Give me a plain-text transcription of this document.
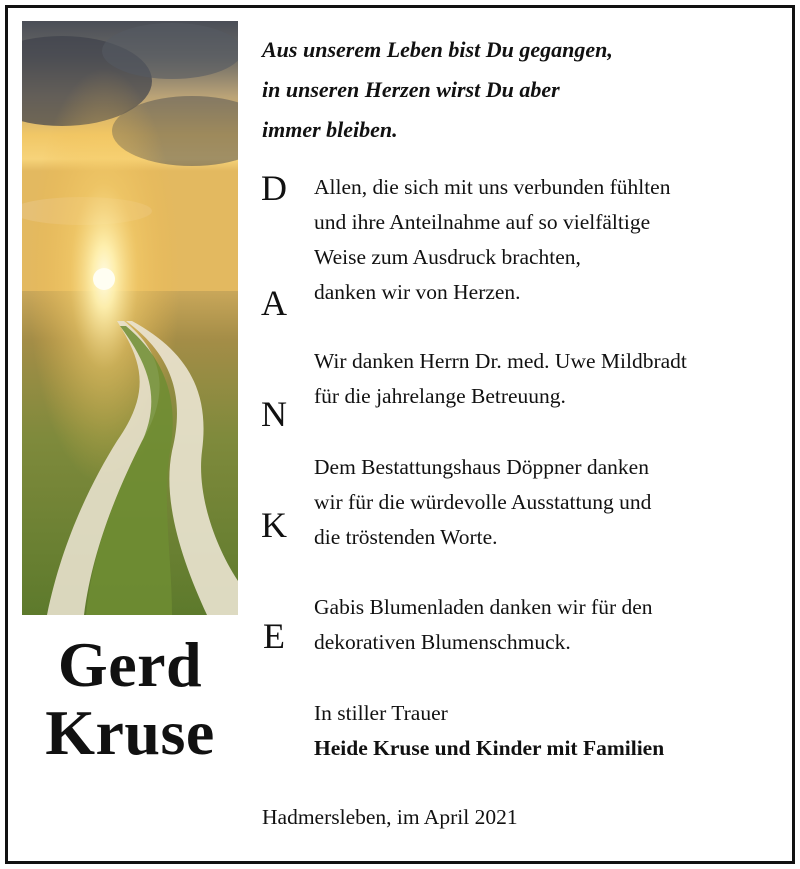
Gerd
Kruse
Aus unserem Leben bist Du gegangen,
in unseren Herzen wirst Du aber
immer bleiben.
D
A
N
K
E
Allen, die sich mit uns verbunden fühlten
und ihre Anteilnahme auf so vielfältige
Weise zum Ausdruck brachten,
danken wir von Herzen.
Wir danken Herrn Dr. med. Uwe Mildbradt
für die jahrelange Betreuung.
Dem Bestattungshaus Döppner danken
wir für die würdevolle Ausstattung und
die tröstenden Worte.
Gabis Blumenladen danken wir für den
dekorativen Blumenschmuck.
In stiller Trauer
Heide Kruse und Kinder mit Familien
Hadmersleben, im April 2021
